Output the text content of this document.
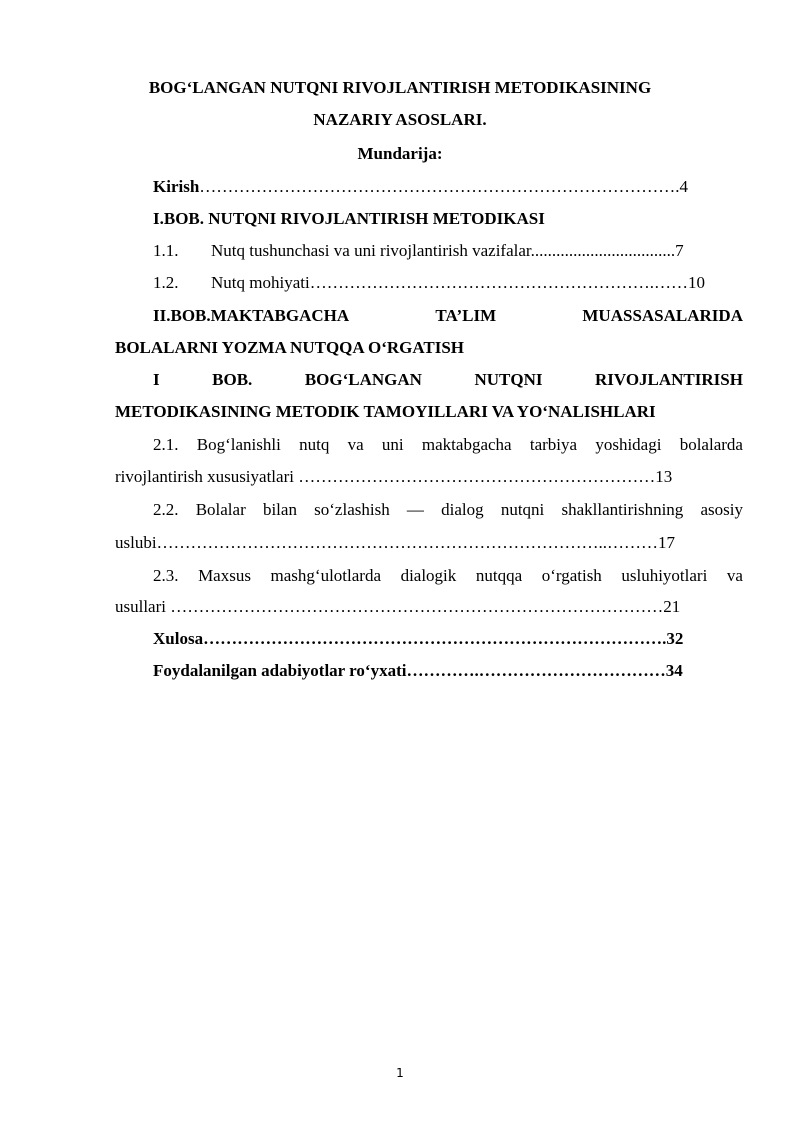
BOG‘LANGAN NUTQNI RIVOJLANTIRISH METODIKASINING
NAZARIY ASOSLARI.
Mundarija:
Kirish………………………………………………………………………….4
I.BOB. NUTQNI RIVOJLANTIRISH METODIKASI
1.1. Nutq tushunchasi va uni rivojlantirish vazifalar..................................7
1.2. Nutq mohiyati…………………………………………………….……10
II.BOB.MAKTABGACHA	TA’LIM	MUASSASALARIDA
BOLALARNI YOZMA NUTQQA O‘RGATISH
I	BOB.	BOG‘LANGAN	NUTQNI	RIVOJLANTIRISH
METODIKASINING METODIK TAMOYILLARI VA YO‘NALISHLARI
2.1. Bog‘lanishli nutq va uni maktabgacha tarbiya yoshidagi bolalarda
rivojlantirish xususiyatlari ………………………………………………………13
2.2. Bolalar bilan so‘zlashish — dialog nutqni shakllantirishning asosiy
uslubi……………………………………………………………………..………17
2.3. Maxsus mashg‘ulotlarda dialogik nutqqa o‘rgatish usluhiyotlari va
usullari ……………………………………………………………………………21
Xulosa……………………………………………………………………….32
Foydalanilgan adabiyotlar ro‘yxati………….……………………………34
1
